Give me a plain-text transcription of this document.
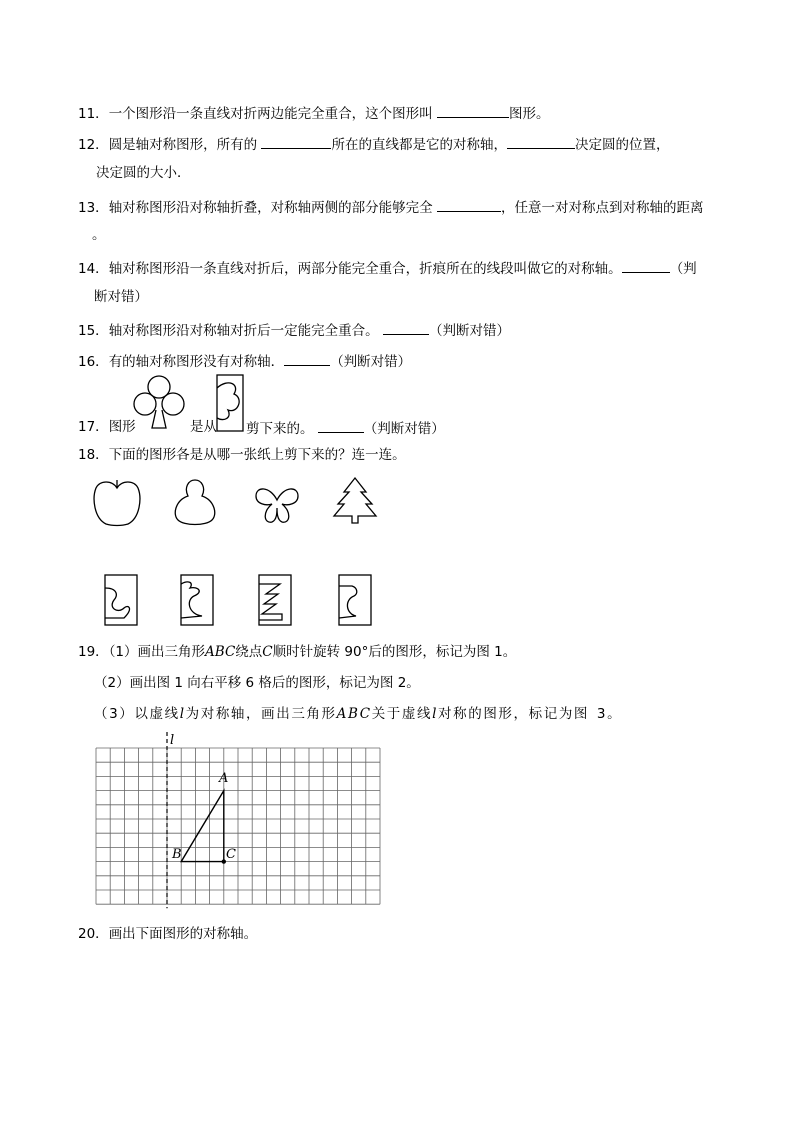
11．一个图形沿一条直线对折两边能完全重合，这个图形叫	图形。
12．圆是轴对称图形，所有的	所在的直线都是它的对称轴，	决定圆的位置，
决定圆的大小．
13．轴对称图形沿对称轴折叠，对称轴两侧的部分能够完全	，任意一对对称点到对称轴的距离
。
14．轴对称图形沿一条直线对折后，两部分能完全重合，折痕所在的线段叫做它的对称轴。	（判
断对错）
15．轴对称图形沿对称轴对折后一定能完全重合。	（判断对错）
16．有的轴对称图形没有对称轴．	（判断对错）
17．图形	是从 剪下来的。	（判断对错）
18．下面的图形各是从哪一张纸上剪下来的？连一连。
19．（1）画出三角形ABC绕点C顺时针旋转 90°后的图形，标记为图 1。
（2）画出图 1 向右平移 6 格后的图形，标记为图 2。
（3）以虚线l为对称轴，画出三角形ABC关于虚线l对称的图形，标记为图 3。
l
A
B	C
20．画出下面图形的对称轴。
